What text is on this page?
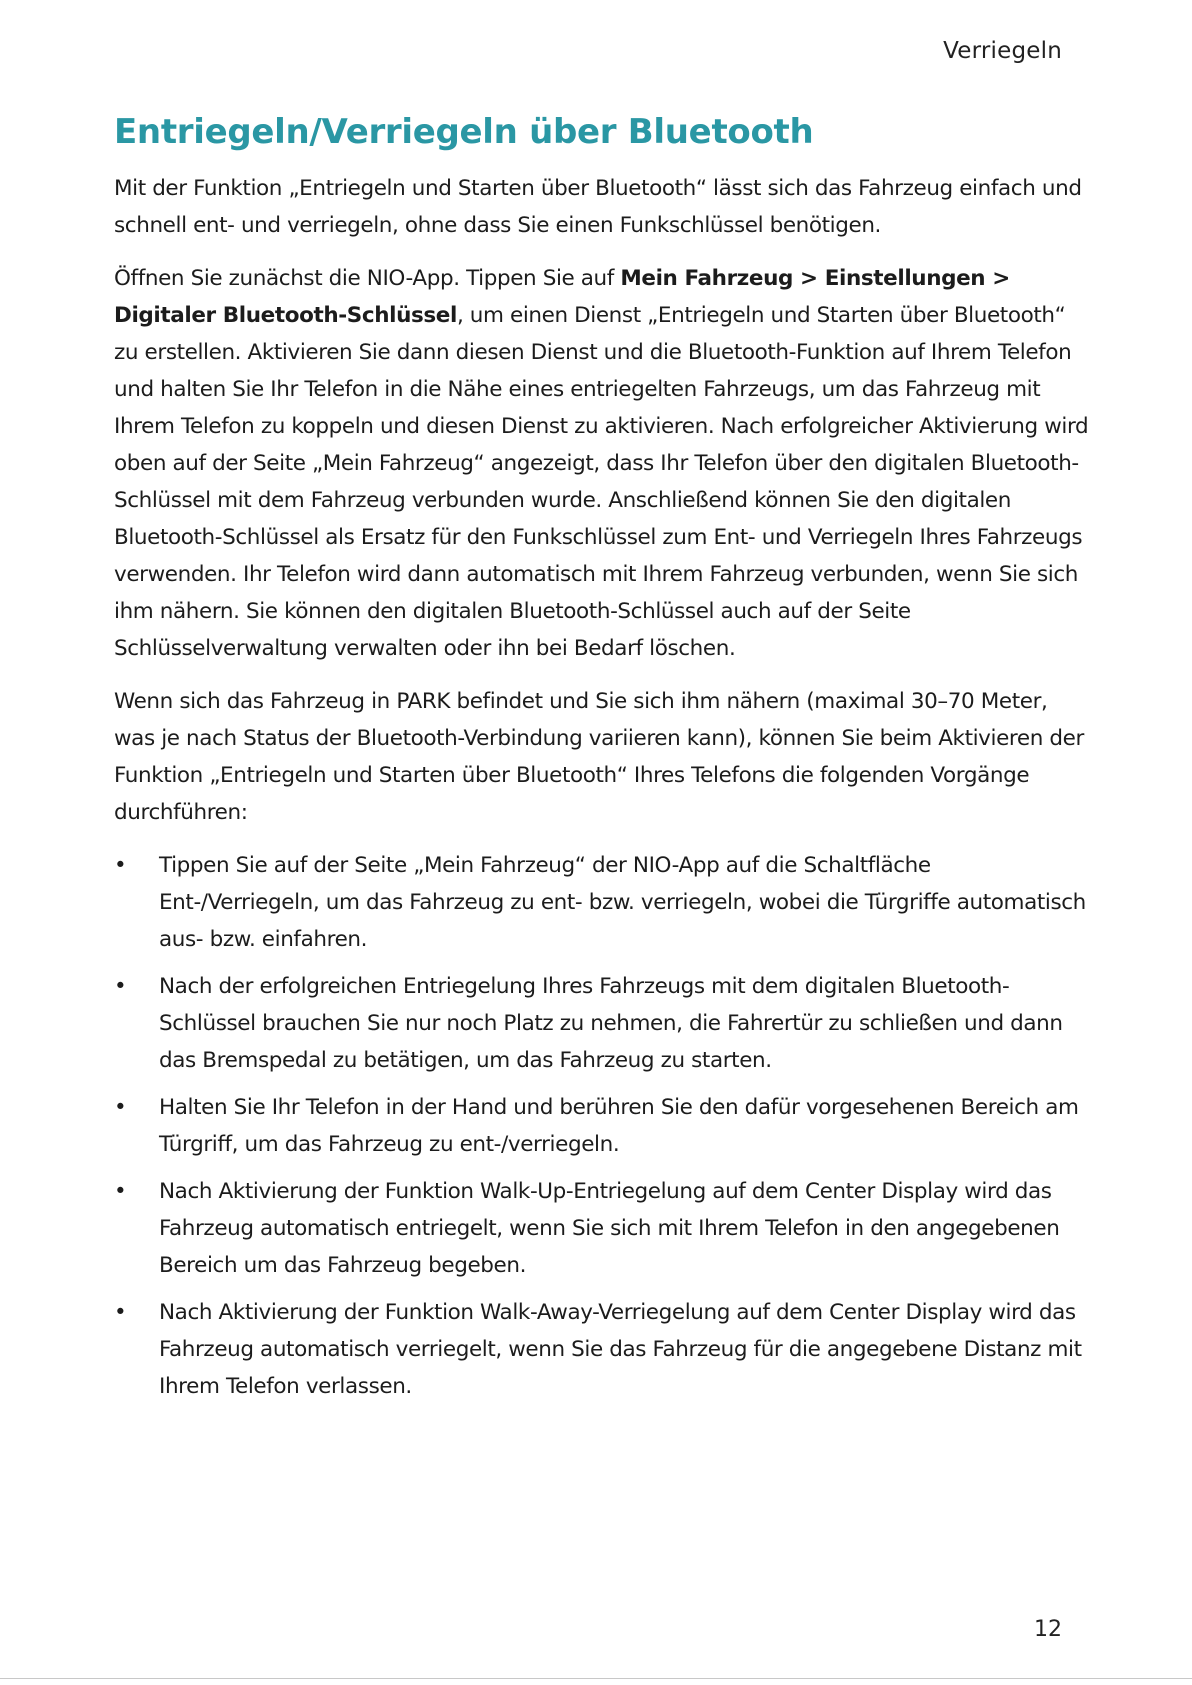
Verriegeln
Entriegeln/Verriegeln über Bluetooth

Mit der Funktion „Entriegeln und Starten über Bluetooth“ lässt sich das Fahrzeug einfach und schnell ent- und verriegeln, ohne dass Sie einen Funkschlüssel benötigen.

Öffnen Sie zunächst die NIO-App. Tippen Sie auf Mein Fahrzeug > Einstellungen > Digitaler Bluetooth-Schlüssel, um einen Dienst „Entriegeln und Starten über Bluetooth“ zu erstellen. Aktivieren Sie dann diesen Dienst und die Bluetooth-Funktion auf Ihrem Telefon und halten Sie Ihr Telefon in die Nähe eines entriegelten Fahrzeugs, um das Fahrzeug mit Ihrem Telefon zu koppeln und diesen Dienst zu aktivieren. Nach erfolgreicher Aktivierung wird oben auf der Seite „Mein Fahrzeug“ angezeigt, dass Ihr Telefon über den digitalen Bluetooth-Schlüssel mit dem Fahrzeug verbunden wurde. Anschließend können Sie den digitalen Bluetooth-Schlüssel als Ersatz für den Funkschlüssel zum Ent- und Verriegeln Ihres Fahrzeugs verwenden. Ihr Telefon wird dann automatisch mit Ihrem Fahrzeug verbunden, wenn Sie sich ihm nähern. Sie können den digitalen Bluetooth-Schlüssel auch auf der Seite Schlüsselverwaltung verwalten oder ihn bei Bedarf löschen.

Wenn sich das Fahrzeug in PARK befindet und Sie sich ihm nähern (maximal 30–70 Meter, was je nach Status der Bluetooth-Verbindung variieren kann), können Sie beim Aktivieren der Funktion „Entriegeln und Starten über Bluetooth“ Ihres Telefons die folgenden Vorgänge durchführen:

• Tippen Sie auf der Seite „Mein Fahrzeug“ der NIO-App auf die Schaltfläche Ent-/Verriegeln, um das Fahrzeug zu ent- bzw. verriegeln, wobei die Türgriffe automatisch aus- bzw. einfahren.
• Nach der erfolgreichen Entriegelung Ihres Fahrzeugs mit dem digitalen Bluetooth-Schlüssel brauchen Sie nur noch Platz zu nehmen, die Fahrertür zu schließen und dann das Bremspedal zu betätigen, um das Fahrzeug zu starten.
• Halten Sie Ihr Telefon in der Hand und berühren Sie den dafür vorgesehenen Bereich am Türgriff, um das Fahrzeug zu ent-/verriegeln.
• Nach Aktivierung der Funktion Walk-Up-Entriegelung auf dem Center Display wird das Fahrzeug automatisch entriegelt, wenn Sie sich mit Ihrem Telefon in den angegebenen Bereich um das Fahrzeug begeben.
• Nach Aktivierung der Funktion Walk-Away-Verriegelung auf dem Center Display wird das Fahrzeug automatisch verriegelt, wenn Sie das Fahrzeug für die angegebene Distanz mit Ihrem Telefon verlassen.
12
